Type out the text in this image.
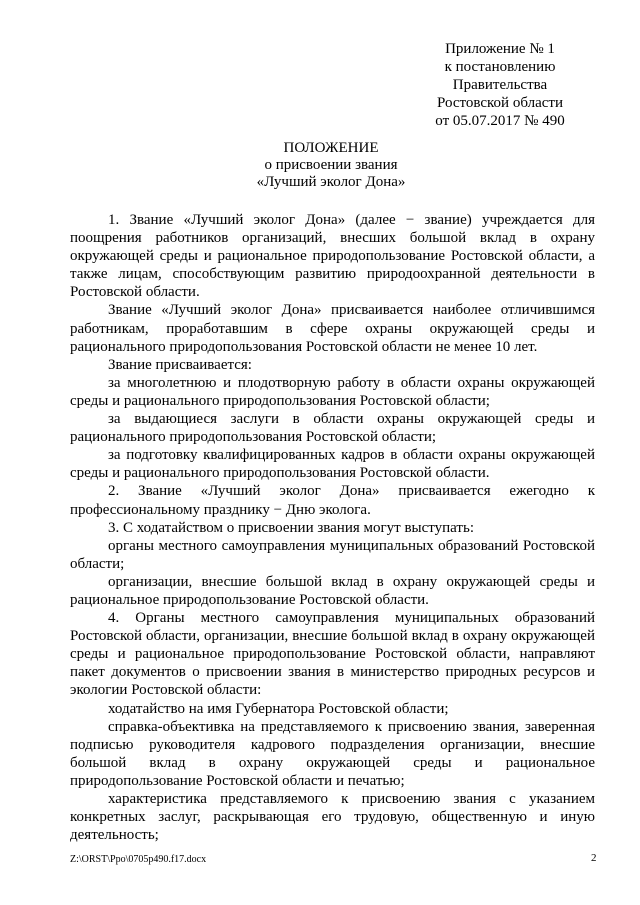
Приложение № 1
к постановлению
Правительства
Ростовской области
от 05.07.2017 № 490
ПОЛОЖЕНИЕ
о присвоении звания
«Лучший эколог Дона»

1. Звание «Лучший эколог Дона» (далее − звание) учреждается для поощрения работников организаций, внесших большой вклад в охрану окружающей среды и рациональное природопользование Ростовской области, а также лицам, способствующим развитию природоохранной деятельности в Ростовской области.

Звание «Лучший эколог Дона» присваивается наиболее отличившимся работникам, проработавшим в сфере охраны окружающей среды и рационального природопользования Ростовской области не менее 10 лет.

Звание присваивается:

за многолетнюю и плодотворную работу в области охраны окружающей среды и рационального природопользования Ростовской области;

за выдающиеся заслуги в области охраны окружающей среды и рационального природопользования Ростовской области;

за подготовку квалифицированных кадров в области охраны окружающей среды и рационального природопользования Ростовской области.

2. Звание «Лучший эколог Дона» присваивается ежегодно к профессиональному празднику − Дню эколога.

3. С ходатайством о присвоении звания могут выступать:

органы местного самоуправления муниципальных образований Ростовской области;

организации, внесшие большой вклад в охрану окружающей среды и рациональное природопользование Ростовской области.

4. Органы местного самоуправления муниципальных образований Ростовской области, организации, внесшие большой вклад в охрану окружающей среды и рациональное природопользование Ростовской области, направляют пакет документов о присвоении звания в министерство природных ресурсов и экологии Ростовской области:

ходатайство на имя Губернатора Ростовской области;

справка-объективка на представляемого к присвоению звания, заверенная подписью руководителя кадрового подразделения организации, внесшие большой вклад в охрану окружающей среды и рациональное природопользование Ростовской области и печатью;

характеристика представляемого к присвоению звания с указанием конкретных заслуг, раскрывающая его трудовую, общественную и иную деятельность;

Z:\ORST\Ppo\0705p490.f17.docx	2
